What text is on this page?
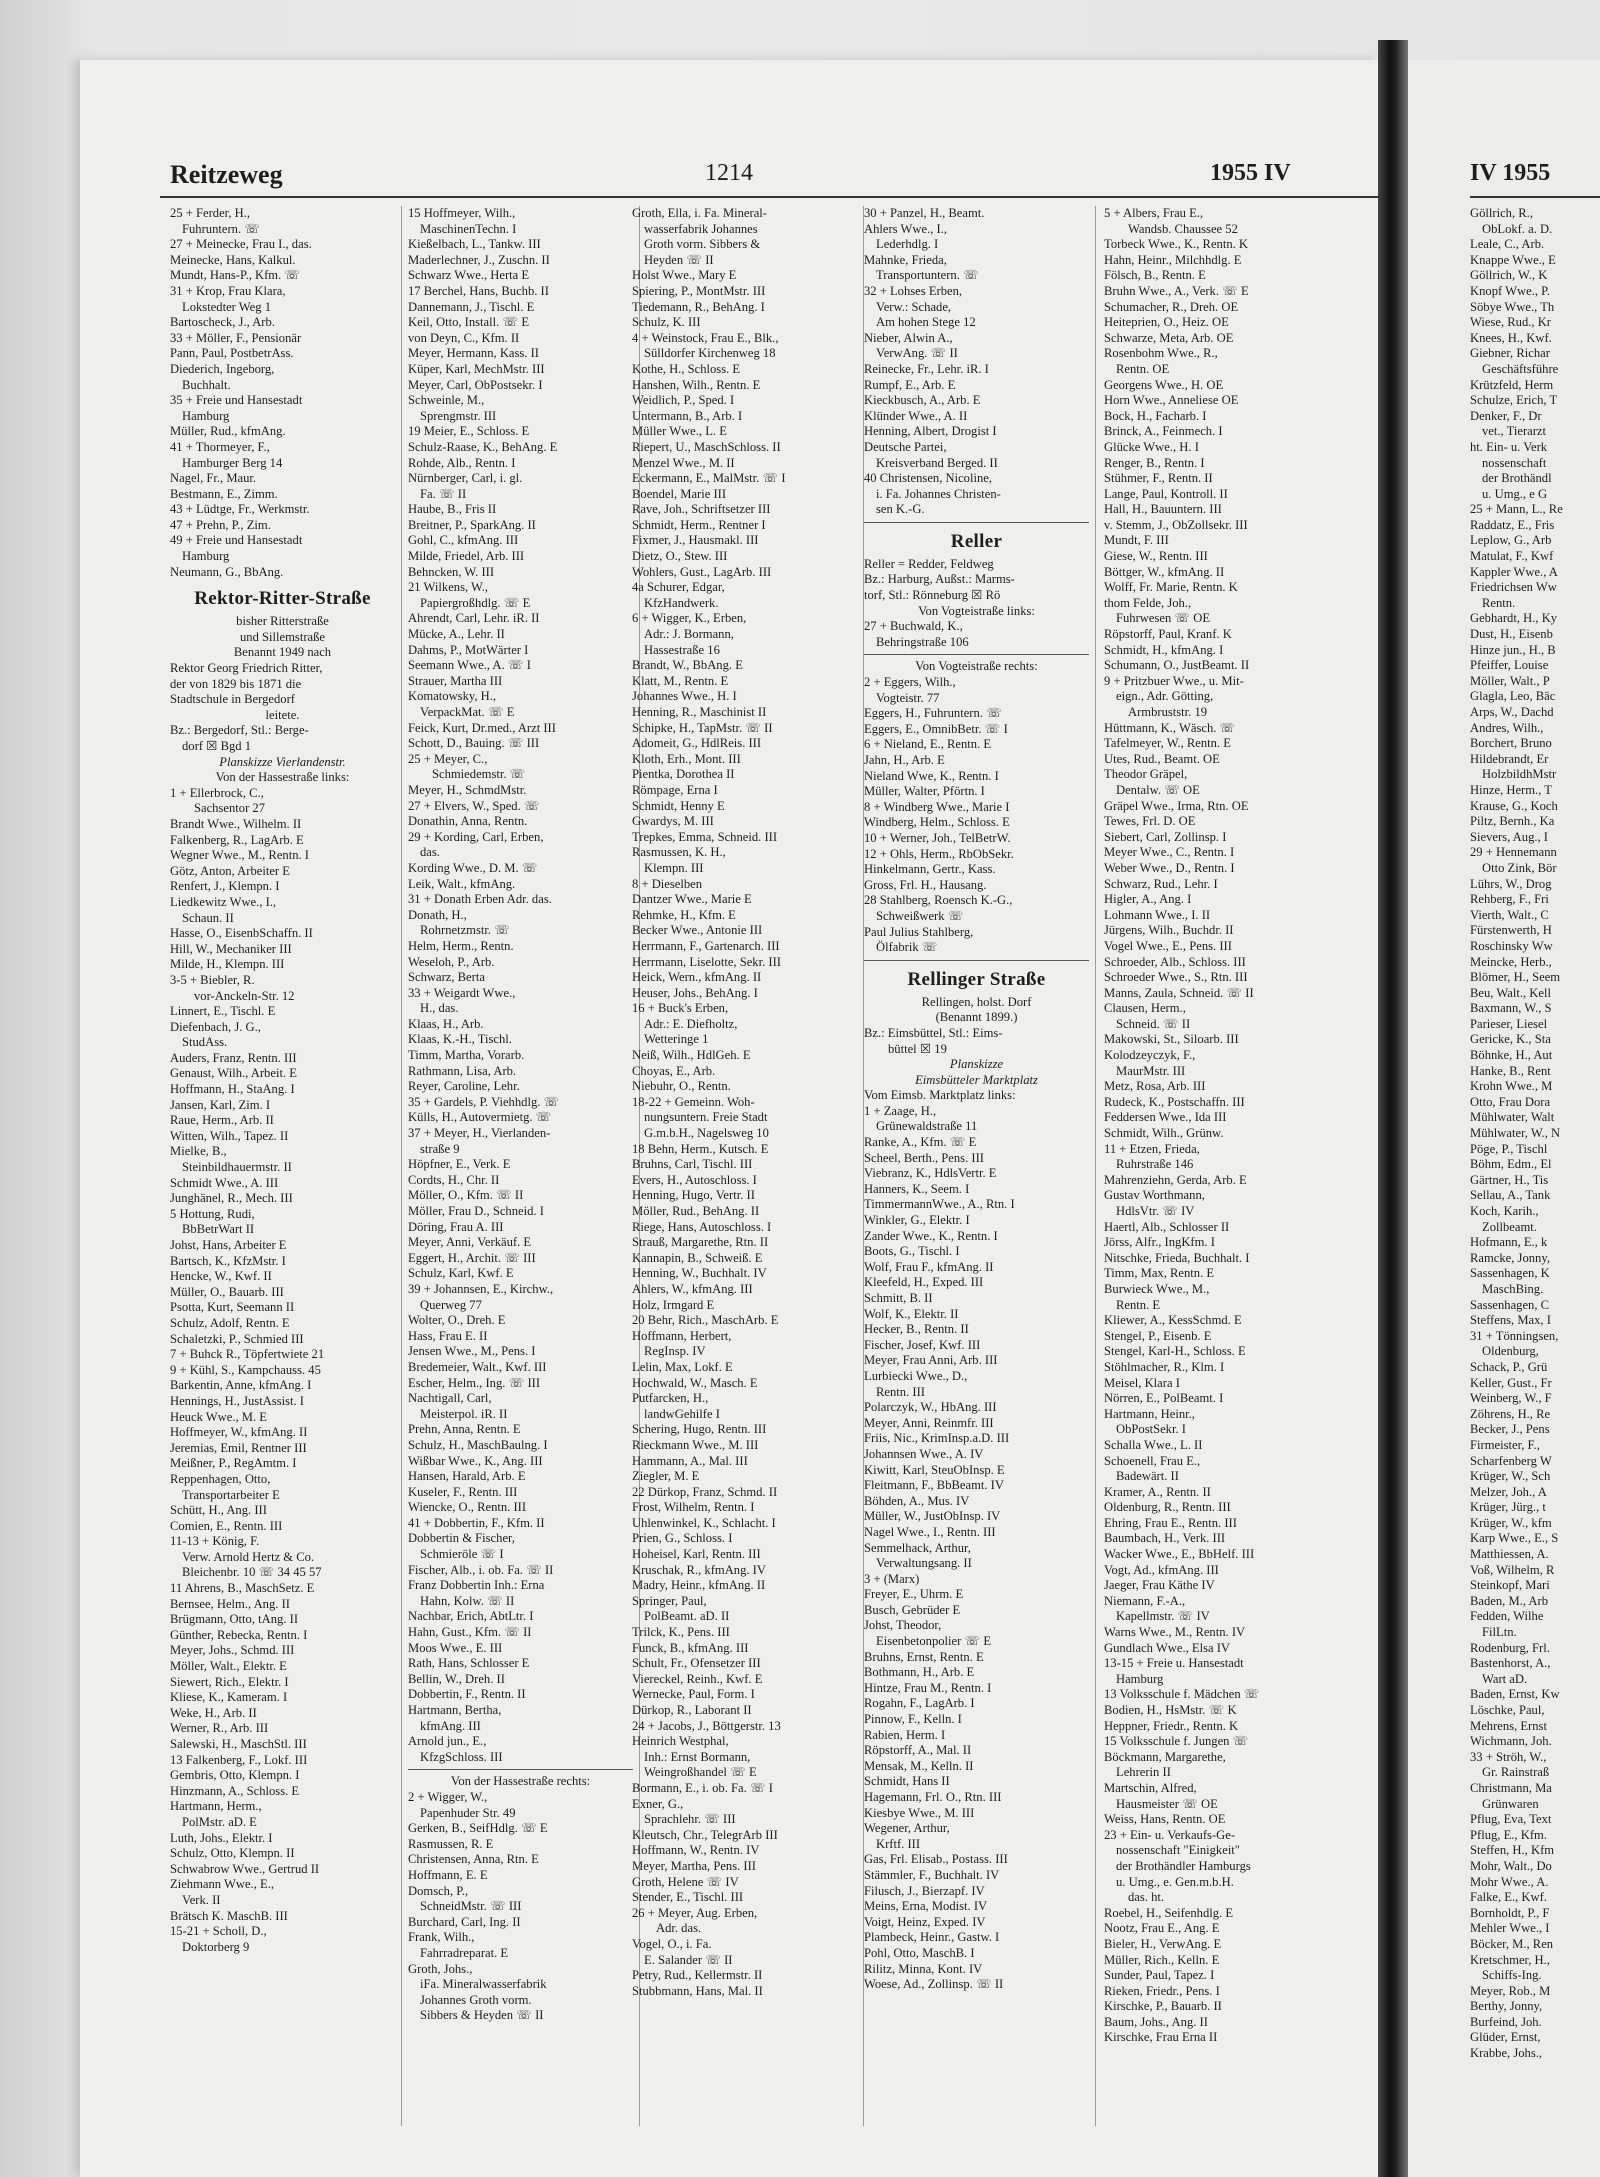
Reitzeweg	1214	1955 IV	IV 1955
25 + Ferder, H.,
Fuhruntern. ☏
27 + Meinecke, Frau I., das.
Meinecke, Hans, Kalkul.
Mundt, Hans-P., Kfm. ☏
31 + Krop, Frau Klara,
Lokstedter Weg 1
Bartoscheck, J., Arb.
33 + Möller, F., Pensionär
Pann, Paul, PostbetrAss.
Diederich, Ingeborg,
Buchhalt.
35 + Freie und Hansestadt
Hamburg
Müller, Rud., kfmAng.
41 + Thormeyer, F.,
Hamburger Berg 14
Nagel, Fr., Maur.
Bestmann, E., Zimm.
43 + Lüdtge, Fr., Werkmstr.
47 + Prehn, P., Zim.
49 + Freie und Hansestadt
Hamburg
Neumann, G., BbAng.
Rektor-Ritter-Straße
bisher Ritterstraße
und Sillemstraße
Benannt 1949 nach
Rektor Georg Friedrich Ritter,
der von 1829 bis 1871 die
Stadtschule in Bergedorf
leitete.
Bz.: Bergedorf, Stl.: Berge-
dorf ☒ Bgd 1
Planskizze Vierlandenstr.
Von der Hassestraße links:
1 + Ellerbrock, C.,
Sachsentor 27
Brandt Wwe., Wilhelm. II
Falkenberg, R., LagArb. E
Wegner Wwe., M., Rentn. I
Götz, Anton, Arbeiter E
Renfert, J., Klempn. I
Liedkewitz Wwe., I.,
Schaun. II
Hasse, O., EisenbSchaffn. II
Hill, W., Mechaniker III
Milde, H., Klempn. III
3-5 + Biebler, R.
vor-Anckeln-Str. 12
Linnert, E., Tischl. E
Diefenbach, J. G.,
StudAss.
Auders, Franz, Rentn. III
Genaust, Wilh., Arbeit. E
Hoffmann, H., StaAng. I
Jansen, Karl, Zim. I
Raue, Herm., Arb. II
Witten, Wilh., Tapez. II
Mielke, B.,
Steinbildhauermstr. II
Schmidt Wwe., A. III
Junghänel, R., Mech. III
5 Hottung, Rudi,
BbBetrWart II
Johst, Hans, Arbeiter E
Bartsch, K., KfzMstr. I
Hencke, W., Kwf. II
Müller, O., Bauarb. III
Psotta, Kurt, Seemann II
Schulz, Adolf, Rentn. E
Schaletzki, P., Schmied III
7 + Buhck R., Töpfertwiete 21
9 + Kühl, S., Kampchauss. 45
Barkentin, Anne, kfmAng. I
Hennings, H., JustAssist. I
Heuck Wwe., M. E
Hoffmeyer, W., kfmAng. II
Jeremias, Emil, Rentner III
Meißner, P., RegAmtm. I
Reppenhagen, Otto,
Transportarbeiter E
Schütt, H., Ang. III
Comien, E., Rentn. III
11-13 + König, F.
Verw. Arnold Hertz & Co.
Bleichenbr. 10 ☏ 34 45 57
11 Ahrens, B., MaschSetz. E
Bernsee, Helm., Ang. II
Brügmann, Otto, tAng. II
Günther, Rebecka, Rentn. I
Meyer, Johs., Schmd. III
Möller, Walt., Elektr. E
Siewert, Rich., Elektr. I
Kliese, K., Kameram. I
Weke, H., Arb. II
Werner, R., Arb. III
Salewski, H., MaschStl. III
13 Falkenberg, F., Lokf. III
Gembris, Otto, Klempn. I
Hinzmann, A., Schloss. E
Hartmann, Herm.,
PolMstr. aD. E
Luth, Johs., Elektr. I
Schulz, Otto, Klempn. II
Schwabrow Wwe., Gertrud II
Ziehmann Wwe., E.,
Verk. II
Brätsch K. MaschB. III
15-21 + Scholl, D.,
Doktorberg 9
15 Hoffmeyer, Wilh.,
MaschinenTechn. I
Kießelbach, L., Tankw. III
Maderlechner, J., Zuschn. II
Schwarz Wwe., Herta E
17 Berchel, Hans, Buchb. II
Dannemann, J., Tischl. E
Keil, Otto, Install. ☏ E
von Deyn, C., Kfm. II
Meyer, Hermann, Kass. II
Küper, Karl, MechMstr. III
Meyer, Carl, ObPostsekr. I
Schweinle, M.,
Sprengmstr. III
19 Meier, E., Schloss. E
Schulz-Raase, K., BehAng. E
Rohde, Alb., Rentn. I
Nürnberger, Carl, i. gl.
Fa. ☏ II
Haube, B., Fris II
Breitner, P., SparkAng. II
Gohl, C., kfmAng. III
Milde, Friedel, Arb. III
Behncken, W. III
21 Wilkens, W.,
Papiergroßhdlg. ☏ E
Ahrendt, Carl, Lehr. iR. II
Mücke, A., Lehr. II
Dahms, P., MotWärter I
Seemann Wwe., A. ☏ I
Strauer, Martha III
Komatowsky, H.,
VerpackMat. ☏ E
Feick, Kurt, Dr.med., Arzt III
Schott, D., Bauing. ☏ III
25 + Meyer, C.,
Schmiedemstr. ☏
Meyer, H., SchmdMstr.
27 + Elvers, W., Sped. ☏
Donathin, Anna, Rentn.
29 + Kording, Carl, Erben,
das.
Kording Wwe., D. M. ☏
Leik, Walt., kfmAng.
31 + Donath Erben Adr. das.
Donath, H.,
Rohrnetzmstr. ☏
Helm, Herm., Rentn.
Weseloh, P., Arb.
Schwarz, Berta
33 + Weigardt Wwe.,
H., das.
Klaas, H., Arb.
Klaas, K.-H., Tischl.
Timm, Martha, Vorarb.
Rathmann, Lisa, Arb.
Reyer, Caroline, Lehr.
35 + Gardels, P. Viehhdlg. ☏
Külls, H., Autovermietg. ☏
37 + Meyer, H., Vierlanden-
straße 9
Höpfner, E., Verk. E
Cordts, H., Chr. II
Möller, O., Kfm. ☏ II
Möller, Frau D., Schneid. I
Döring, Frau A. III
Meyer, Anni, Verkäuf. E
Eggert, H., Archit. ☏ III
Schulz, Karl, Kwf. E
39 + Johannsen, E., Kirchw.,
Querweg 77
Wolter, O., Dreh. E
Hass, Frau E. II
Jensen Wwe., M., Pens. I
Bredemeier, Walt., Kwf. III
Escher, Helm., Ing. ☏ III
Nachtigall, Carl,
Meisterpol. iR. II
Prehn, Anna, Rentn. E
Schulz, H., MaschBaulng. I
Wißbar Wwe., K., Ang. III
Hansen, Harald, Arb. E
Kuseler, F., Rentn. III
Wiencke, O., Rentn. III
41 + Dobbertin, F., Kfm. II
Dobbertin & Fischer,
Schmieröle ☏ I
Fischer, Alb., i. ob. Fa. ☏ II
Franz Dobbertin Inh.: Erna
Hahn, Kolw. ☏ II
Nachbar, Erich, AbtLtr. I
Hahn, Gust., Kfm. ☏ II
Moos Wwe., E. III
Rath, Hans, Schlosser E
Bellin, W., Dreh. II
Dobbertin, F., Rentn. II
Hartmann, Bertha,
kfmAng. III
Arnold jun., E.,
KfzgSchloss. III
Von der Hassestraße rechts:
2 + Wigger, W.,
Papenhuder Str. 49
Gerken, B., SeifHdlg. ☏ E
Rasmussen, R. E
Christensen, Anna, Rtn. E
Hoffmann, E. E
Domsch, P.,
SchneidMstr. ☏ III
Burchard, Carl, Ing. II
Frank, Wilh.,
Fahrradreparat. E
Groth, Johs.,
iFa. Mineralwasserfabrik
Johannes Groth vorm.
Sibbers & Heyden ☏ II
Groth, Ella, i. Fa. Mineral-
wasserfabrik Johannes
Groth vorm. Sibbers &
Heyden ☏ II
Holst Wwe., Mary E
Spiering, P., MontMstr. III
Tiedemann, R., BehAng. I
Schulz, K. III
4 + Weinstock, Frau E., Blk.,
Sülldorfer Kirchenweg 18
Kothe, H., Schloss. E
Hanshen, Wilh., Rentn. E
Weidlich, P., Sped. I
Untermann, B., Arb. I
Müller Wwe., L. E
Riepert, U., MaschSchloss. II
Menzel Wwe., M. II
Eckermann, E., MalMstr. ☏ I
Boendel, Marie III
Rave, Joh., Schriftsetzer III
Schmidt, Herm., Rentner I
Fixmer, J., Hausmakl. III
Dietz, O., Stew. III
Wohlers, Gust., LagArb. III
4a Schurer, Edgar,
KfzHandwerk.
6 + Wigger, K., Erben,
Adr.: J. Bormann,
Hassestraße 16
Brandt, W., BbAng. E
Klatt, M., Rentn. E
Johannes Wwe., H. I
Henning, R., Maschinist II
Schipke, H., TapMstr. ☏ II
Adomeit, G., HdlReis. III
Kloth, Erh., Mont. III
Pientka, Dorothea II
Römpage, Erna I
Schmidt, Henny E
Gwardys, M. III
Trepkes, Emma, Schneid. III
Rasmussen, K. H.,
Klempn. III
8 + Dieselben
Dantzer Wwe., Marie E
Rehmke, H., Kfm. E
Becker Wwe., Antonie III
Herrmann, F., Gartenarch. III
Herrmann, Liselotte, Sekr. III
Heick, Wern., kfmAng. II
Heuser, Johs., BehAng. I
16 + Buck's Erben,
Adr.: E. Diefholtz,
Wetteringe 1
Neiß, Wilh., HdlGeh. E
Choyas, E., Arb.
Niebuhr, O., Rentn.
18-22 + Gemeinn. Woh-
nungsuntern. Freie Stadt
G.m.b.H., Nagelsweg 10
18 Behn, Herm., Kutsch. E
Bruhns, Carl, Tischl. III
Evers, H., Autoschloss. I
Henning, Hugo, Vertr. II
Möller, Rud., BehAng. II
Riege, Hans, Autoschloss. I
Strauß, Margarethe, Rtn. II
Kannapin, B., Schweiß. E
Henning, W., Buchhalt. IV
Ahlers, W., kfmAng. III
Holz, Irmgard E
20 Behr, Rich., MaschArb. E
Hoffmann, Herbert,
RegInsp. IV
Lelin, Max, Lokf. E
Hochwald, W., Masch. E
Putfarcken, H.,
landwGehilfe I
Schering, Hugo, Rentn. III
Rieckmann Wwe., M. III
Hammann, A., Mal. III
Ziegler, M. E
22 Dürkop, Franz, Schmd. II
Frost, Wilhelm, Rentn. I
Uhlenwinkel, K., Schlacht. I
Prien, G., Schloss. I
Hoheisel, Karl, Rentn. III
Kruschak, R., kfmAng. IV
Madry, Heinr., kfmAng. II
Springer, Paul,
PolBeamt. aD. II
Trilck, K., Pens. III
Funck, B., kfmAng. III
Schult, Fr., Ofensetzer III
Viereckel, Reinh., Kwf. E
Wernecke, Paul, Form. I
Dürkop, R., Laborant II
24 + Jacobs, J., Böttgerstr. 13
Heinrich Westphal,
Inh.: Ernst Bormann,
Weingroßhandel ☏ E
Bormann, E., i. ob. Fa. ☏ I
Exner, G.,
Sprachlehr. ☏ III
Kleutsch, Chr., TelegrArb III
Hoffmann, W., Rentn. IV
Meyer, Martha, Pens. III
Groth, Helene ☏ IV
Stender, E., Tischl. III
26 + Meyer, Aug. Erben,
Adr. das.
Vogel, O., i. Fa.
E. Salander ☏ II
Petry, Rud., Kellermstr. II
Stubbmann, Hans, Mal. II
30 + Panzel, H., Beamt.
Ahlers Wwe., I.,
Lederhdlg. I
Mahnke, Frieda,
Transportuntern. ☏
32 + Lohses Erben,
Verw.: Schade,
Am hohen Stege 12
Nieber, Alwin A.,
VerwAng. ☏ II
Reinecke, Fr., Lehr. iR. I
Rumpf, E., Arb. E
Kieckbusch, A., Arb. E
Klünder Wwe., A. II
Henning, Albert, Drogist I
Deutsche Partei,
Kreisverband Berged. II
40 Christensen, Nicoline,
i. Fa. Johannes Christen-
sen K.-G.
Reller
Reller = Redder, Feldweg
Bz.: Harburg, Außst.: Marms-
torf, Stl.: Rönneburg ☒ Rö
Von Vogteistraße links:
27 + Buchwald, K.,
Behringstraße 106
Von Vogteistraße rechts:
2 + Eggers, Wilh.,
Vogteistr. 77
Eggers, H., Fuhruntern. ☏
Eggers, E., OmnibBetr. ☏ I
6 + Nieland, E., Rentn. E
Jahn, H., Arb. E
Nieland Wwe, K., Rentn. I
Müller, Walter, Pförtn. I
8 + Windberg Wwe., Marie I
Windberg, Helm., Schloss. E
10 + Werner, Joh., TelBetrW.
12 + Ohls, Herm., RbObSekr.
Hinkelmann, Gertr., Kass.
Gross, Frl. H., Hausang.
28 Stahlberg, Roensch K.-G.,
Schweißwerk ☏
Paul Julius Stahlberg,
Ölfabrik ☏
Rellinger Straße
Rellingen, holst. Dorf
(Benannt 1899.)
Bz.: Eimsbüttel, Stl.: Eims-
büttel ☒ 19
Planskizze
Eimsbütteler Marktplatz
Vom Eimsb. Marktplatz links:
1 + Zaage, H.,
Grünewaldstraße 11
Ranke, A., Kfm. ☏ E
Scheel, Berth., Pens. III
Viebranz, K., HdlsVertr. E
Hanners, K., Seem. I
TimmermannWwe., A., Rtn. I
Winkler, G., Elektr. I
Zander Wwe., K., Rentn. I
Boots, G., Tischl. I
Wolf, Frau F., kfmAng. II
Kleefeld, H., Exped. III
Schmitt, B. II
Wolf, K., Elektr. II
Hecker, B., Rentn. II
Fischer, Josef, Kwf. III
Meyer, Frau Anni, Arb. III
Lurbiecki Wwe., D.,
Rentn. III
Polarczyk, W., HbAng. III
Meyer, Anni, Reinmfr. III
Friis, Nic., KrimInsp.a.D. III
Johannsen Wwe., A. IV
Kiwitt, Karl, SteuObInsp. E
Fleitmann, F., BbBeamt. IV
Böhden, A., Mus. IV
Müller, W., JustObInsp. IV
Nagel Wwe., I., Rentn. III
Semmelhack, Arthur,
Verwaltungsang. II
3 + (Marx)
Freyer, E., Uhrm. E
Busch, Gebrüder E
Johst, Theodor,
Eisenbetonpolier ☏ E
Bruhns, Ernst, Rentn. E
Bothmann, H., Arb. E
Hintze, Frau M., Rentn. I
Rogahn, F., LagArb. I
Pinnow, F., Kelln. I
Rabien, Herm. I
Röpstorff, A., Mal. II
Mensak, M., Kelln. II
Schmidt, Hans II
Hagemann, Frl. O., Rtn. III
Kiesbye Wwe., M. III
Wegener, Arthur,
Krftf. III
Gas, Frl. Elisab., Postass. III
Stämmler, F., Buchhalt. IV
Filusch, J., Bierzapf. IV
Meins, Erna, Modist. IV
Voigt, Heinz, Exped. IV
Plambeck, Heinr., Gastw. I
Pohl, Otto, MaschB. I
Rilitz, Minna, Kont. IV
Woese, Ad., Zollinsp. ☏ II
5 + Albers, Frau E.,
Wandsb. Chaussee 52
Torbeck Wwe., K., Rentn. K
Hahn, Heinr., Milchhdlg. E
Fölsch, B., Rentn. E
Bruhn Wwe., A., Verk. ☏ E
Schumacher, R., Dreh. OE
Heiteprien, O., Heiz. OE
Schwarze, Meta, Arb. OE
Rosenbohm Wwe., R.,
Rentn. OE
Georgens Wwe., H. OE
Horn Wwe., Anneliese OE
Bock, H., Facharb. I
Brinck, A., Feinmech. I
Glücke Wwe., H. I
Renger, B., Rentn. I
Stühmer, F., Rentn. II
Lange, Paul, Kontroll. II
Hall, H., Bauuntern. III
v. Stemm, J., ObZollsekr. III
Mundt, F. III
Giese, W., Rentn. III
Böttger, W., kfmAng. II
Wolff, Fr. Marie, Rentn. K
thom Felde, Joh.,
Fuhrwesen ☏ OE
Röpstorff, Paul, Kranf. K
Schmidt, H., kfmAng. I
Schumann, O., JustBeamt. II
9 + Pritzbuer Wwe., u. Mit-
eign., Adr. Götting,
Armbruststr. 19
Hüttmann, K., Wäsch. ☏
Tafelmeyer, W., Rentn. E
Utes, Rud., Beamt. OE
Theodor Gräpel,
Dentalw. ☏ OE
Gräpel Wwe., Irma, Rtn. OE
Tewes, Frl. D. OE
Siebert, Carl, Zollinsp. I
Meyer Wwe., C., Rentn. I
Weber Wwe., D., Rentn. I
Schwarz, Rud., Lehr. I
Higler, A., Ang. I
Lohmann Wwe., I. II
Jürgens, Wilh., Buchdr. II
Vogel Wwe., E., Pens. III
Schroeder, Alb., Schloss. III
Schroeder Wwe., S., Rtn. III
Manns, Zaula, Schneid. ☏ II
Clausen, Herm.,
Schneid. ☏ II
Makowski, St., Siloarb. III
Kolodzeyczyk, F.,
MaurMstr. III
Metz, Rosa, Arb. III
Rudeck, K., Postschaffn. III
Feddersen Wwe., Ida III
Schmidt, Wilh., Grünw.
11 + Etzen, Frieda,
Ruhrstraße 146
Mahrenziehn, Gerda, Arb. E
Gustav Worthmann,
HdlsVtr. ☏ IV
Haertl, Alb., Schlosser II
Jörss, Alfr., IngKfm. I
Nitschke, Frieda, Buchhalt. I
Timm, Max, Rentn. E
Burwieck Wwe., M.,
Rentn. E
Kliewer, A., KessSchmd. E
Stengel, P., Eisenb. E
Stengel, Karl-H., Schloss. E
Stöhlmacher, R., Klm. I
Meisel, Klara I
Nörren, E., PolBeamt. I
Hartmann, Heinr.,
ObPostSekr. I
Schalla Wwe., L. II
Schoenell, Frau E.,
Badewärt. II
Kramer, A., Rentn. II
Oldenburg, R., Rentn. III
Ehring, Frau E., Rentn. III
Baumbach, H., Verk. III
Wacker Wwe., E., BbHelf. III
Vogt, Ad., kfmAng. III
Jaeger, Frau Käthe IV
Niemann, F.-A.,
Kapellmstr. ☏ IV
Warns Wwe., M., Rentn. IV
Gundlach Wwe., Elsa IV
13-15 + Freie u. Hansestadt
Hamburg
13 Volksschule f. Mädchen ☏
Bodien, H., HsMstr. ☏ K
Heppner, Friedr., Rentn. K
15 Volksschule f. Jungen ☏
Böckmann, Margarethe,
Lehrerin II
Martschin, Alfred,
Hausmeister ☏ OE
Weiss, Hans, Rentn. OE
23 + Ein- u. Verkaufs-Ge-
nossenschaft "Einigkeit"
der Brothändler Hamburgs
u. Umg., e. Gen.m.b.H.
das. ht.
Roebel, H., Seifenhdlg. E
Nootz, Frau E., Ang. E
Bieler, H., VerwAng. E
Müller, Rich., Kelln. E
Sunder, Paul, Tapez. I
Rieken, Friedr., Pens. I
Kirschke, P., Bauarb. II
Baum, Johs., Ang. II
Kirschke, Frau Erna II
Göllrich, R.,
ObLokf. a. D.
Leale, C., Arb.
Knappe Wwe., E
Göllrich, W., K
Knopf Wwe., P.
Söbye Wwe., Th
Wiese, Rud., Kr
Knees, H., Kwf.
Giebner, Richar
Geschäftsführe
Krützfeld, Herm
Schulze, Erich, T
Denker, F., Dr
vet., Tierarzt
ht. Ein- u. Verk
nossenschaft
der Brothändl
u. Umg., e G
25 + Mann, L., Re
Raddatz, E., Fris
Leplow, G., Arb
Matulat, F., Kwf
Kappler Wwe., A
Friedrichsen Ww
Rentn.
Gebhardt, H., Ky
Dust, H., Eisenb
Hinze jun., H., B
Pfeiffer, Louise
Möller, Walt., P
Glagla, Leo, Bäc
Arps, W., Dachd
Andres, Wilh.,
Borchert, Bruno
Hildebrandt, Er
HolzbildhMstr
Hinze, Herm., T
Krause, G., Koch
Piltz, Bernh., Ka
Sievers, Aug., I
29 + Hennemann
Otto Zink, Bör
Lührs, W., Drog
Rehberg, F., Fri
Vierth, Walt., C
Fürstenwerth, H
Roschinsky Ww
Meincke, Herb.,
Blömer, H., Seem
Beu, Walt., Kell
Baxmann, W., S
Parieser, Liesel
Gericke, K., Sta
Böhnke, H., Aut
Hanke, B., Rent
Krohn Wwe., M
Otto, Frau Dora
Mühlwater, Walt
Mühlwater, W., N
Pöge, P., Tischl
Böhm, Edm., El
Gärtner, H., Tis
Sellau, A., Tank
Koch, Karih.,
Zollbeamt.
Hofmann, E., k
Ramcke, Jonny,
Sassenhagen, K
MaschBing.
Sassenhagen, C
Steffens, Max, I
31 + Tönningsen,
Oldenburg,
Schack, P., Grü
Keller, Gust., Fr
Weinberg, W., F
Zöhrens, H., Re
Becker, J., Pens
Firmeister, F.,
Scharfenberg W
Krüger, W., Sch
Melzer, Joh., A
Krüger, Jürg., t
Krüger, W., kfm
Karp Wwe., E., S
Matthiessen, A.
Voß, Wilhelm, R
Steinkopf, Mari
Baden, M., Arb
Fedden, Wilhe
FilLtn.
Rodenburg, Frl.
Bastenhorst, A.,
Wart aD.
Baden, Ernst, Kw
Löschke, Paul,
Mehrens, Ernst
Wichmann, Joh.
33 + Ströh, W.,
Gr. Rainstraß
Christmann, Ma
Grünwaren
Pflug, Eva, Text
Pflug, E., Kfm.
Steffen, H., Kfm
Mohr, Walt., Do
Mohr Wwe., A.
Falke, E., Kwf.
Bornholdt, P., F
Mehler Wwe., I
Böcker, M., Ren
Kretschmer, H.,
Schiffs-Ing.
Meyer, Rob., M
Berthy, Jonny,
Burfeind, Joh.
Glüder, Ernst,
Krabbe, Johs.,
